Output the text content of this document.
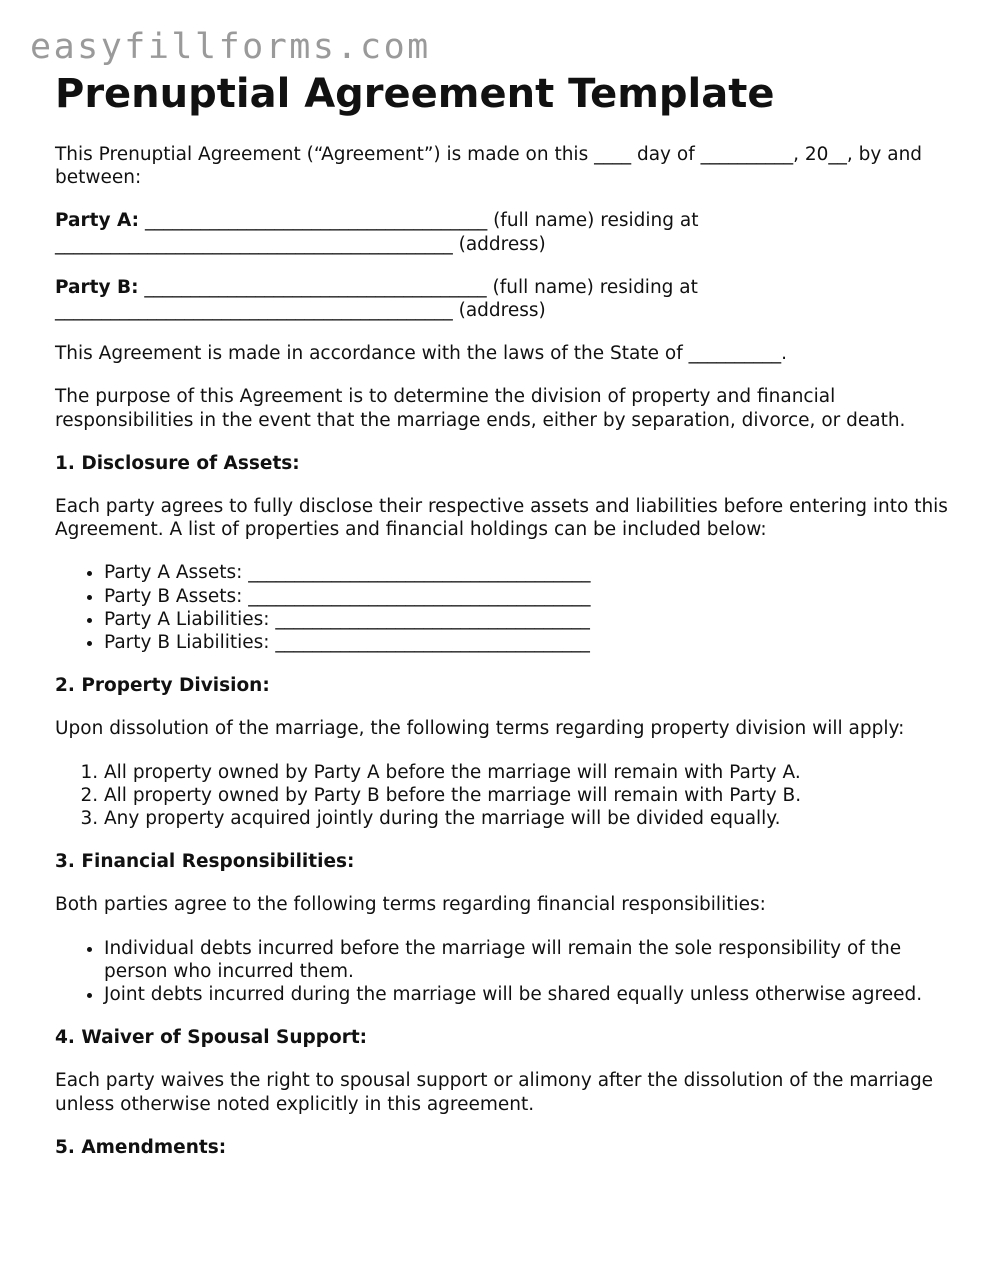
easyfillforms.com
Prenuptial Agreement Template

This Prenuptial Agreement (“Agreement”) is made on this ____ day of __________, 20__, by and between:

Party A: _____________________________________ (full name) residing at ___________________________________________ (address)

Party B: _____________________________________ (full name) residing at ___________________________________________ (address)

This Agreement is made in accordance with the laws of the State of __________.

The purpose of this Agreement is to determine the division of property and financial responsibilities in the event that the marriage ends, either by separation, divorce, or death.

1. Disclosure of Assets:

Each party agrees to fully disclose their respective assets and liabilities before entering into this Agreement. A list of properties and financial holdings can be included below:

• Party A Assets: _____________________________________
• Party B Assets: _____________________________________
• Party A Liabilities: __________________________________
• Party B Liabilities: __________________________________

2. Property Division:

Upon dissolution of the marriage, the following terms regarding property division will apply:

1. All property owned by Party A before the marriage will remain with Party A.
2. All property owned by Party B before the marriage will remain with Party B.
3. Any property acquired jointly during the marriage will be divided equally.

3. Financial Responsibilities:

Both parties agree to the following terms regarding financial responsibilities:

• Individual debts incurred before the marriage will remain the sole responsibility of the person who incurred them.
• Joint debts incurred during the marriage will be shared equally unless otherwise agreed.

4. Waiver of Spousal Support:

Each party waives the right to spousal support or alimony after the dissolution of the marriage unless otherwise noted explicitly in this agreement.

5. Amendments:
